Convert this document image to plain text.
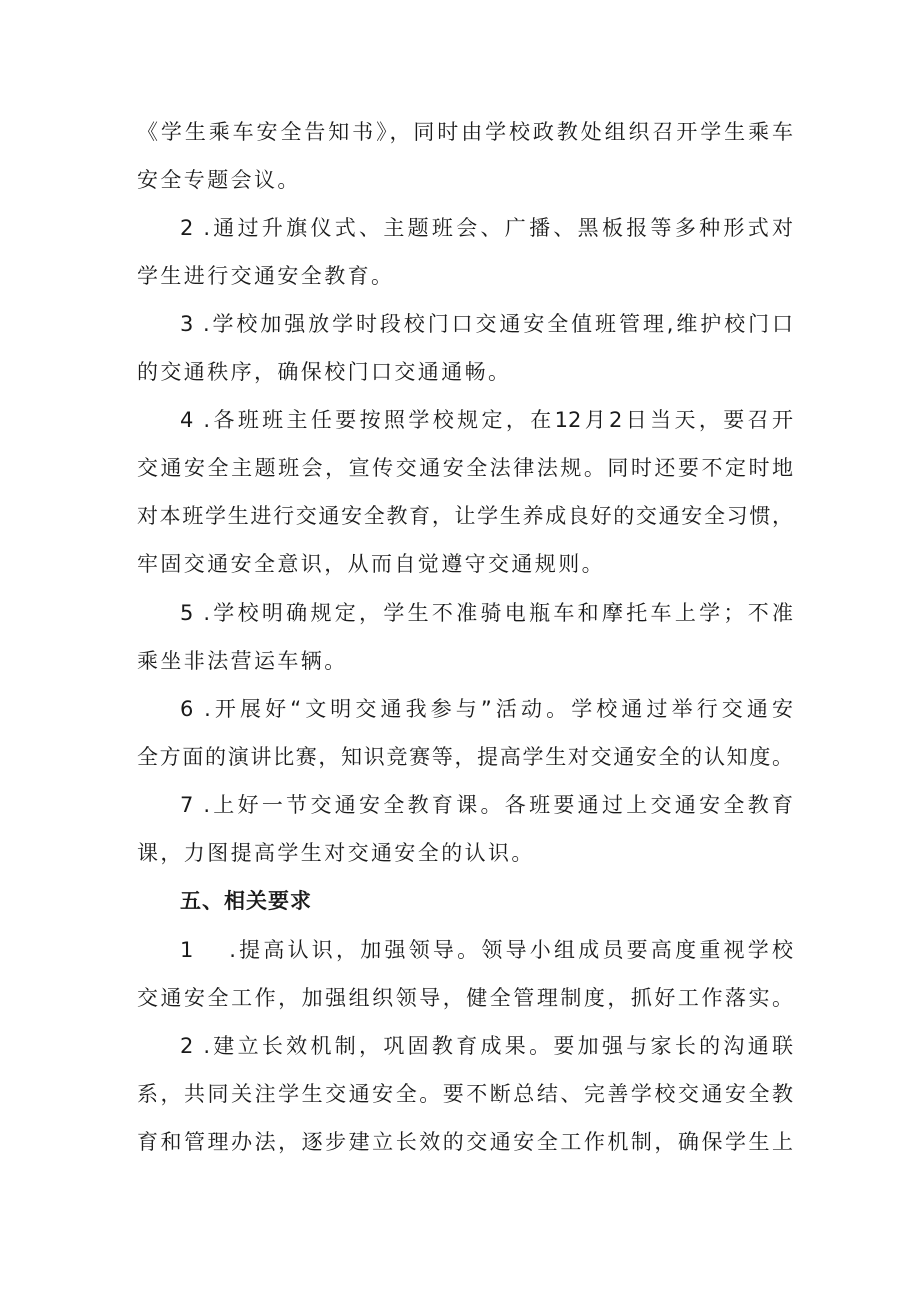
《学生乘车安全告知书》，同时由学校政教处组织召开学生乘车
安全专题会议。
2 .通过升旗仪式、主题班会、广播、黑板报等多种形式对
学生进行交通安全教育。
3 .学校加强放学时段校门口交通安全值班管理,维护校门口
的交通秩序，确保校门口交通通畅。
4 .各班班主任要按照学校规定，在12月2日当天，要召开
交通安全主题班会，宣传交通安全法律法规。同时还要不定时地
对本班学生进行交通安全教育，让学生养成良好的交通安全习惯，
牢固交通安全意识，从而自觉遵守交通规则。
5 .学校明确规定，学生不准骑电瓶车和摩托车上学；不准
乘坐非法营运车辆。
6 .开展好“文明交通我参与”活动。学校通过举行交通安
全方面的演讲比赛，知识竞赛等，提高学生对交通安全的认知度。
7 .上好一节交通安全教育课。各班要通过上交通安全教育
课，力图提高学生对交通安全的认识。
五、相关要求
1 .提高认识，加强领导。领导小组成员要高度重视学校
交通安全工作，加强组织领导，健全管理制度，抓好工作落实。
2 .建立长效机制，巩固教育成果。要加强与家长的沟通联
系，共同关注学生交通安全。要不断总结、完善学校交通安全教
育和管理办法，逐步建立长效的交通安全工作机制，确保学生上
